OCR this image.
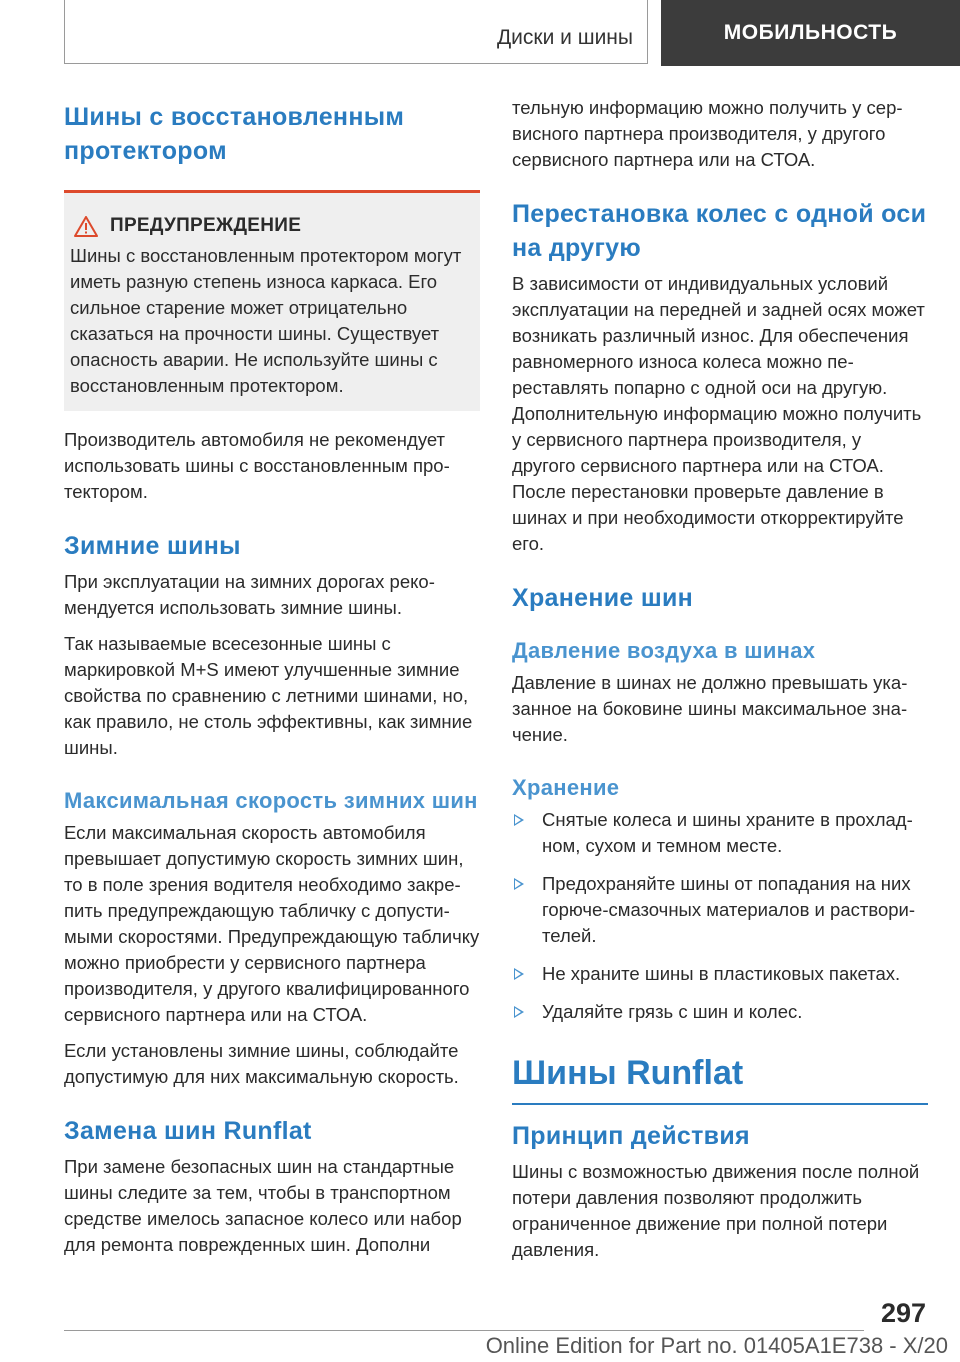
Диски и шины	МОБИЛЬНОСТЬ
Шины с восстановленным протектором
ПРЕДУПРЕЖДЕНИЕ

Шины с восстановленным протектором могут иметь разную степень износа каркаса. Его сильное старение может отрицательно сказаться на прочности шины. Существует опасность аварии. Не используйте шины с восстановленным протектором.

Производитель автомобиля не рекомендует использовать шины с восстановленным протектором.

Зимние шины

При эксплуатации на зимних дорогах рекомендуется использовать зимние шины.

Так называемые всесезонные шины с маркировкой M+S имеют улучшенные зимние свойства по сравнению с летними шинами, но, как правило, не столь эффективны, как зимние шины.

Максимальная скорость зимних шин

Если максимальная скорость автомобиля превышает допустимую скорость зимних шин, то в поле зрения водителя необходимо закрепить предупреждающую табличку с допустимыми скоростями. Предупреждающую табличку можно приобрести у сервисного партнера производителя, у другого квалифицированного сервисного партнера или на СТОА.

Если установлены зимние шины, соблюдайте допустимую для них максимальную скорость.

Замена шин Runflat

При замене безопасных шин на стандартные шины следите за тем, чтобы в транспортном средстве имелось запасное колесо или набор для ремонта поврежденных шин. Дополни

тельную информацию можно получить у сервисного партнера производителя, у другого сервисного партнера или на СТОА.

Перестановка колес с одной оси на другую

В зависимости от индивидуальных условий эксплуатации на передней и задней осях может возникать различный износ. Для обеспечения равномерного износа колеса можно переставлять попарно с одной оси на другую. Дополнительную информацию можно получить у сервисного партнера производителя, у другого сервисного партнера или на СТОА. После перестановки проверьте давление в шинах и при необходимости откорректируйте его.

Хранение шин
Давление воздуха в шинах

Давление в шинах не должно превышать указанное на боковине шины максимальное значение.

Хранение
Снятые колеса и шины храните в прохладном, сухом и темном месте.
Предохраняйте шины от попадания на них горюче-смазочных материалов и растворителей.
Не храните шины в пластиковых пакетах.
Удаляйте грязь с шин и колес.
Шины Runflat
Принцип действия

Шины с возможностью движения после полной потери давления позволяют продолжить ограниченное движение при полной потери давления.

297
Online Edition for Part no. 01405A1E738 - X/20
